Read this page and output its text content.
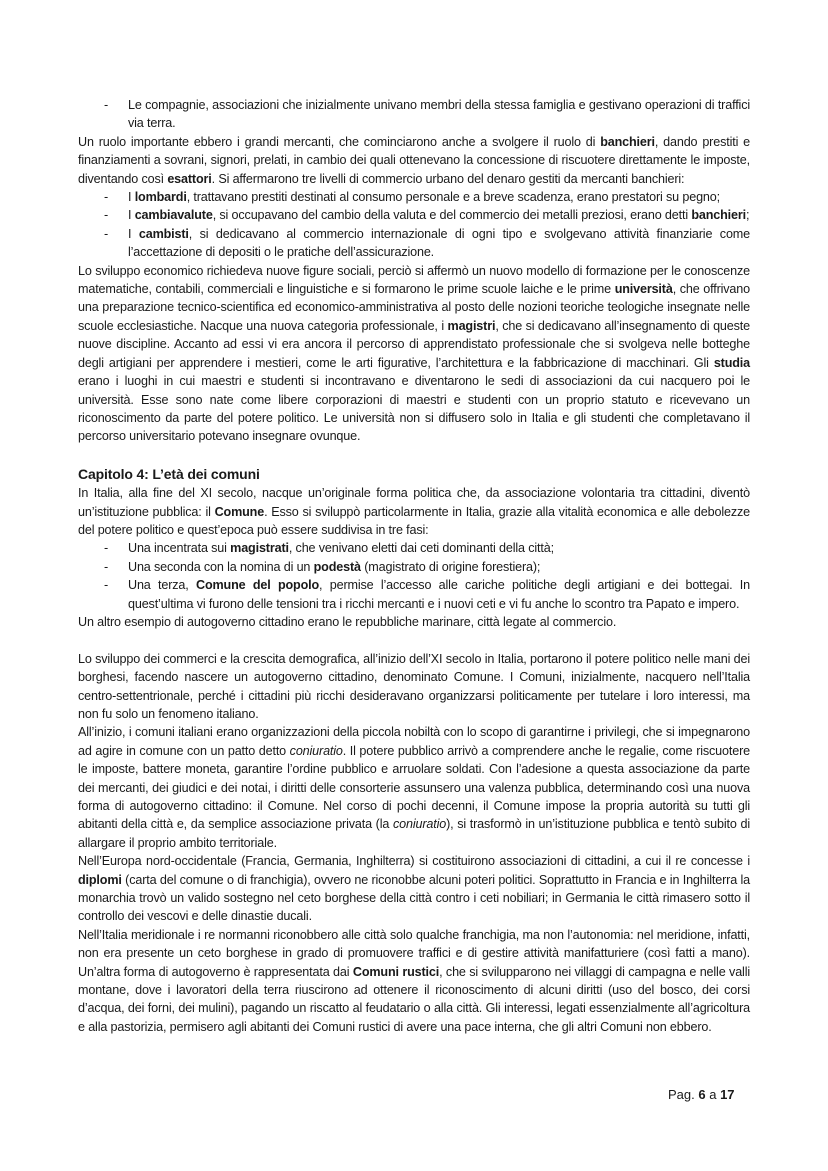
- Le compagnie, associazioni che inizialmente univano membri della stessa famiglia e gestivano operazioni di traffici via terra.

Un ruolo importante ebbero i grandi mercanti, che cominciarono anche a svolgere il ruolo di banchieri, dando prestiti e finanziamenti a sovrani, signori, prelati, in cambio dei quali ottenevano la concessione di riscuotere direttamente le imposte, diventando così esattori. Si affermarono tre livelli di commercio urbano del denaro gestiti da mercanti banchieri:

- I lombardi, trattavano prestiti destinati al consumo personale e a breve scadenza, erano prestatori su pegno;
- I cambiavalute, si occupavano del cambio della valuta e del commercio dei metalli preziosi, erano detti banchieri;
- I cambisti, si dedicavano al commercio internazionale di ogni tipo e svolgevano attività finanziarie come l’accettazione di depositi o le pratiche dell’assicurazione.

Lo sviluppo economico richiedeva nuove figure sociali, perciò si affermò un nuovo modello di formazione per le conoscenze matematiche, contabili, commerciali e linguistiche e si formarono le prime scuole laiche e le prime università, che offrivano una preparazione tecnico-scientifica ed economico-amministrativa al posto delle nozioni teoriche teologiche insegnate nelle scuole ecclesiastiche. Nacque una nuova categoria professionale, i magistri, che si dedicavano all’insegnamento di queste nuove discipline. Accanto ad essi vi era ancora il percorso di apprendistato professionale che si svolgeva nelle botteghe degli artigiani per apprendere i mestieri, come le arti figurative, l’architettura e la fabbricazione di macchinari. Gli studia erano i luoghi in cui maestri e studenti si incontravano e diventarono le sedi di associazioni da cui nacquero poi le università. Esse sono nate come libere corporazioni di maestri e studenti con un proprio statuto e ricevevano un riconoscimento da parte del potere politico. Le università non si diffusero solo in Italia e gli studenti che completavano il percorso universitario potevano insegnare ovunque.

Capitolo 4: L’età dei comuni

In Italia, alla fine del XI secolo, nacque un’originale forma politica che, da associazione volontaria tra cittadini, diventò un’istituzione pubblica: il Comune. Esso si sviluppò particolarmente in Italia, grazie alla vitalità economica e alle debolezze del potere politico e quest’epoca può essere suddivisa in tre fasi:

- Una incentrata sui magistrati, che venivano eletti dai ceti dominanti della città;
- Una seconda con la nomina di un podestà (magistrato di origine forestiera);
- Una terza, Comune del popolo, permise l’accesso alle cariche politiche degli artigiani e dei bottegai. In quest’ultima vi furono delle tensioni tra i ricchi mercanti e i nuovi ceti e vi fu anche lo scontro tra Papato e impero.

Un altro esempio di autogoverno cittadino erano le repubbliche marinare, città legate al commercio.

Lo sviluppo dei commerci e la crescita demografica, all’inizio dell’XI secolo in Italia, portarono il potere politico nelle mani dei borghesi, facendo nascere un autogoverno cittadino, denominato Comune. I Comuni, inizialmente, nacquero nell’Italia centro-settentrionale, perché i cittadini più ricchi desideravano organizzarsi politicamente per tutelare i loro interessi, ma non fu solo un fenomeno italiano.

All’inizio, i comuni italiani erano organizzazioni della piccola nobiltà con lo scopo di garantirne i privilegi, che si impegnarono ad agire in comune con un patto detto coniuratio. Il potere pubblico arrivò a comprendere anche le regalie, come riscuotere le imposte, battere moneta, garantire l’ordine pubblico e arruolare soldati. Con l’adesione a questa associazione da parte dei mercanti, dei giudici e dei notai, i diritti delle consorterie assunsero una valenza pubblica, determinando così una nuova forma di autogoverno cittadino: il Comune. Nel corso di pochi decenni, il Comune impose la propria autorità su tutti gli abitanti della città e, da semplice associazione privata (la coniuratio), si trasformò in un’istituzione pubblica e tentò subito di allargare il proprio ambito territoriale.

Nell’Europa nord-occidentale (Francia, Germania, Inghilterra) si costituirono associazioni di cittadini, a cui il re concesse i diplomi (carta del comune o di franchigia), ovvero ne riconobbe alcuni poteri politici. Soprattutto in Francia e in Inghilterra la monarchia trovò un valido sostegno nel ceto borghese della città contro i ceti nobiliari; in Germania le città rimasero sotto il controllo dei vescovi e delle dinastie ducali.

Nell’Italia meridionale i re normanni riconobbero alle città solo qualche franchigia, ma non l’autonomia: nel meridione, infatti, non era presente un ceto borghese in grado di promuovere traffici e di gestire attività manifatturiere (così fatti a mano). Un’altra forma di autogoverno è rappresentata dai Comuni rustici, che si svilupparono nei villaggi di campagna e nelle valli montane, dove i lavoratori della terra riuscirono ad ottenere il riconoscimento di alcuni diritti (uso del bosco, dei corsi d’acqua, dei forni, dei mulini), pagando un riscatto al feudatario o alla città. Gli interessi, legati essenzialmente all’agricoltura e alla pastorizia, permisero agli abitanti dei Comuni rustici di avere una pace interna, che gli altri Comuni non ebbero.

Pag. 6 a 17
